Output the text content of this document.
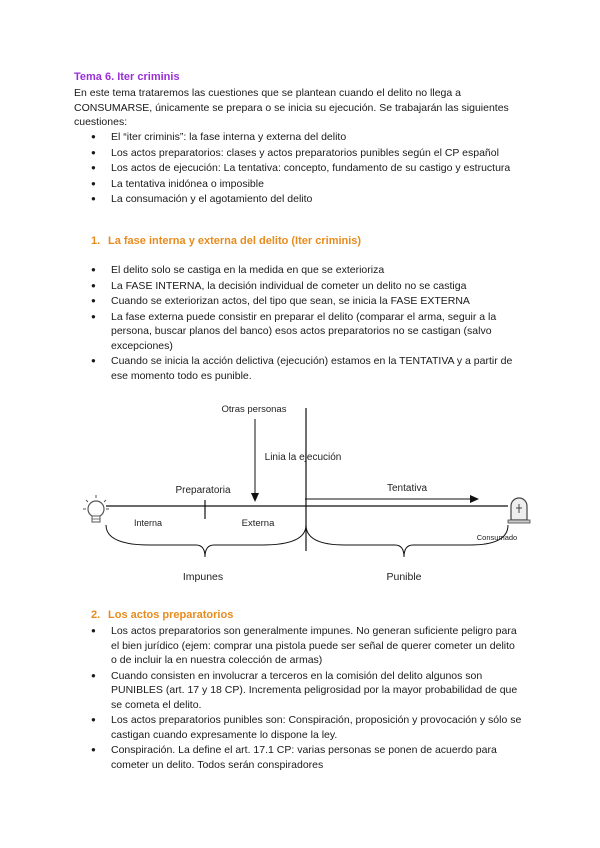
Tema 6. Iter criminis
En este tema trataremos las cuestiones que se plantean cuando el delito no llega a CONSUMARSE, únicamente se prepara o se inicia su ejecución. Se trabajarán las siguientes cuestiones:
● El “iter criminis”: la fase interna y externa del delito
● Los actos preparatorios: clases y actos preparatorios punibles según el CP español
● Los actos de ejecución: La tentativa: concepto, fundamento de su castigo y estructura
● La tentativa inidónea o imposible
● La consumación y el agotamiento del delito
1. La fase interna y externa del delito (Iter criminis)
● El delito solo se castiga en la medida en que se exterioriza
● La FASE INTERNA, la decisión individual de cometer un delito no se castiga
● Cuando se exteriorizan actos, del tipo que sean, se inicia la FASE EXTERNA
● La fase externa puede consistir en preparar el delito (comparar el arma, seguir a la persona, buscar planos del banco) esos actos preparatorios no se castigan (salvo excepciones)
● Cuando se inicia la acción delictiva (ejecución) estamos en la TENTATIVA y a partir de ese momento todo es punible.
Otras personas
Linia la ejecución
Preparatoria	Tentativa
Interna	Externa
Consumado
Impunes	Punible
2. Los actos preparatorios
● Los actos preparatorios son generalmente impunes. No generan suficiente peligro para el bien jurídico (ejem: comprar una pistola puede ser señal de querer cometer un delito o de incluir la en nuestra colección de armas)
● Cuando consisten en involucrar a terceros en la comisión del delito algunos son PUNIBLES (art. 17 y 18 CP). Incrementa peligrosidad por la mayor probabilidad de que se cometa el delito.
● Los actos preparatorios punibles son: Conspiración, proposición y provocación y sólo se castigan cuando expresamente lo dispone la ley.
● Conspiración. La define el art. 17.1 CP: varias personas se ponen de acuerdo para cometer un delito. Todos serán conspiradores
